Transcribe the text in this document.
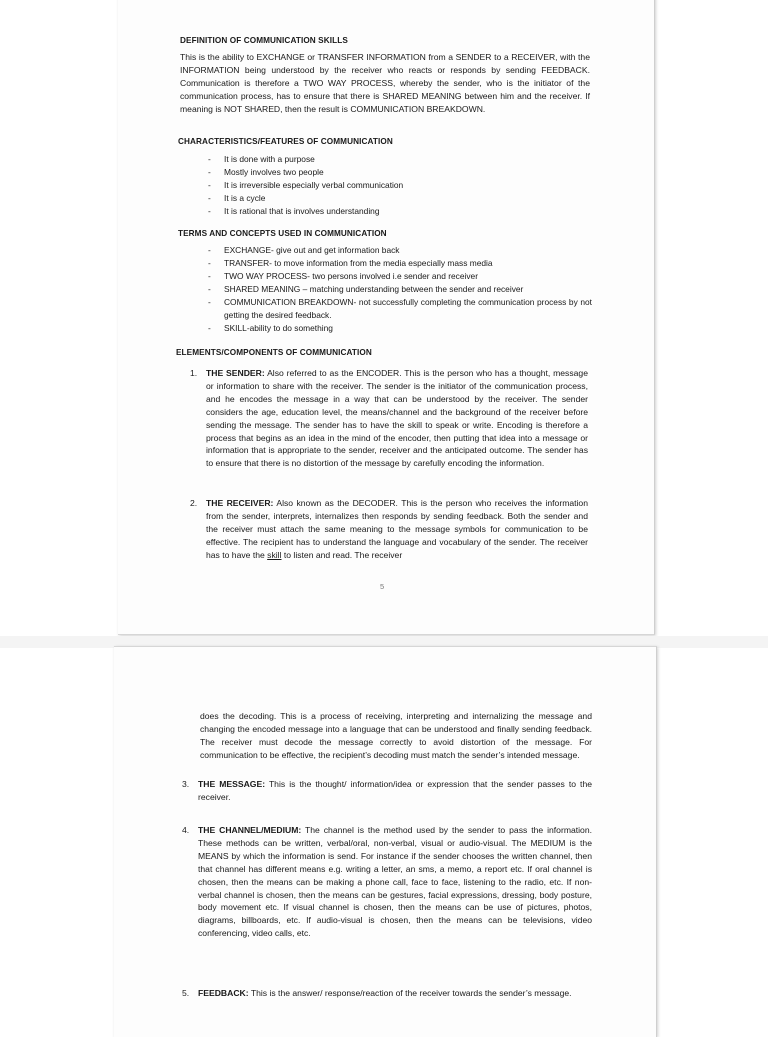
DEFINITION OF COMMUNICATION SKILLS
This is the ability to EXCHANGE or TRANSFER INFORMATION from a SENDER to a RECEIVER, with the INFORMATION being understood by the receiver who reacts or responds by sending FEEDBACK. Communication is therefore a TWO WAY PROCESS, whereby the sender, who is the initiator of the communication process, has to ensure that there is SHARED MEANING between him and the receiver. If meaning is NOT SHARED, then the result is COMMUNICATION BREAKDOWN.
CHARACTERISTICS/FEATURES OF COMMUNICATION
- It is done with a purpose
- Mostly involves two people
- It is irreversible especially verbal communication
- It is a cycle
- It is rational that is involves understanding
TERMS AND CONCEPTS USED IN COMMUNICATION
- EXCHANGE- give out and get information back
- TRANSFER- to move information from the media especially mass media
- TWO WAY PROCESS- two persons involved i.e sender and receiver
- SHARED MEANING – matching understanding between the sender and receiver
- COMMUNICATION BREAKDOWN- not successfully completing the communication process by not getting the desired feedback.
- SKILL-ability to do something
ELEMENTS/COMPONENTS OF COMMUNICATION
1. THE SENDER: Also referred to as the ENCODER. This is the person who has a thought, message or information to share with the receiver. The sender is the initiator of the communication process, and he encodes the message in a way that can be understood by the receiver. The sender considers the age, education level, the means/channel and the background of the receiver before sending the message. The sender has to have the skill to speak or write. Encoding is therefore a process that begins as an idea in the mind of the encoder, then putting that idea into a message or information that is appropriate to the sender, receiver and the anticipated outcome. The sender has to ensure that there is no distortion of the message by carefully encoding the information.
2. THE RECEIVER: Also known as the DECODER. This is the person who receives the information from the sender, interprets, internalizes then responds by sending feedback. Both the sender and the receiver must attach the same meaning to the message symbols for communication to be effective. The recipient has to understand the language and vocabulary of the sender. The receiver has to have the skill to listen and read. The receiver
5
does the decoding. This is a process of receiving, interpreting and internalizing the message and changing the encoded message into a language that can be understood and finally sending feedback. The receiver must decode the message correctly to avoid distortion of the message. For communication to be effective, the recipient’s decoding must match the sender’s intended message.
3. THE MESSAGE: This is the thought/ information/idea or expression that the sender passes to the receiver.
4. THE CHANNEL/MEDIUM: The channel is the method used by the sender to pass the information. These methods can be written, verbal/oral, non-verbal, visual or audio-visual. The MEDIUM is the MEANS by which the information is send. For instance if the sender chooses the written channel, then that channel has different means e.g. writing a letter, an sms, a memo, a report etc. If oral channel is chosen, then the means can be making a phone call, face to face, listening to the radio, etc. If non-verbal channel is chosen, then the means can be gestures, facial expressions, dressing, body posture, body movement etc. If visual channel is chosen, then the means can be use of pictures, photos, diagrams, billboards, etc. If audio-visual is chosen, then the means can be televisions, video conferencing, video calls, etc.
5. FEEDBACK: This is the answer/ response/reaction of the receiver towards the sender’s message.
